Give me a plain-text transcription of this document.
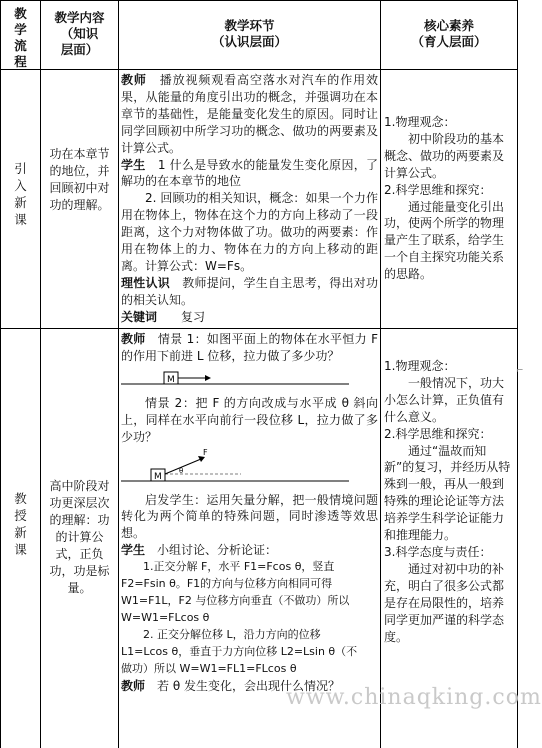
教学流程
教学内容
（知识层面）
教学环节
（认识层面）
核心素养
（育人层面）
引入新课
功在本章节的地位，并回顾初中对　功的理解。

教师　播放视频观看高空落水对汽车的作用效果，从能量的角度引出功的概念，并强调功在本章节的基础性，是能量变化发生的原因。同时让同学回顾初中所学习功的概念、做功的两要素及计算公式。

学生　1 什么是导致水的能量发生变化原因，了解功的在本章节的地位

2. 回顾功的相关知识，概念：如果一个力作用在物体上，物体在这个力的方向上移动了一段距离，这个力对物体做了功。做功的两要素：作用在物体上的力、物体在力的方向上移动的距离。计算公式：W=Fs。

理性认识　教师提问，学生自主思考，得出对功的相关认知。

关键词　　复习

1.物理观念：

初中阶段功的基本概念、做功的两要素及计算公式。

2.科学思维和探究：

通过能量变化引出功，使两个所学的物理量产生了联系，给学生一个自主探究功能关系的思路。

教授新课
高中阶段对功更深层次的理解：功的计算公式，正负功，功是标量。

教师　情景 1：如图平面上的物体在水平恒力 F 的作用下前进 L 位移，拉力做了多少功？

M

情景 2：把 F 的方向改成与水平成 θ 斜向上，同样在水平向前行一段位移 L，拉力做了多少功？

M
F
θ

启发学生：运用矢量分解，把一般情境问题转化为两个简单的特殊问题，同时渗透等效思想。

学生　小组讨论、分析论证：

1.正交分解 F，水平 F1=Fcos θ，竖直

F2=Fsin θ。F1的方向与位移方向相同可得

W1=F1L，F2 与位移方向垂直（不做功）所以

W=W1=FLcos θ

2. 正交分解位移 L，沿力方向的位移

L1=Lcos θ，垂直于力方向位移 L2=Lsin θ（不

做功）所以 W=W1=FL1=FLcos θ

教师　若 θ 发生变化，会出现什么情况？

1.物理观念：

一般情况下，功大小怎么计算，正负值有什么意义。

2.科学思维和探究：

通过“温故而知新”的复习，并经历从特殊到一般，再从一般到特殊的理论论证等方法培养学生科学论证能力和推理能力。

3.科学态度与责任：

通过对初中功的补充，明白了很多公式都是存在局限性的，培养同学更加严谨的科学态度。

www.chinaqking.com
⌐
